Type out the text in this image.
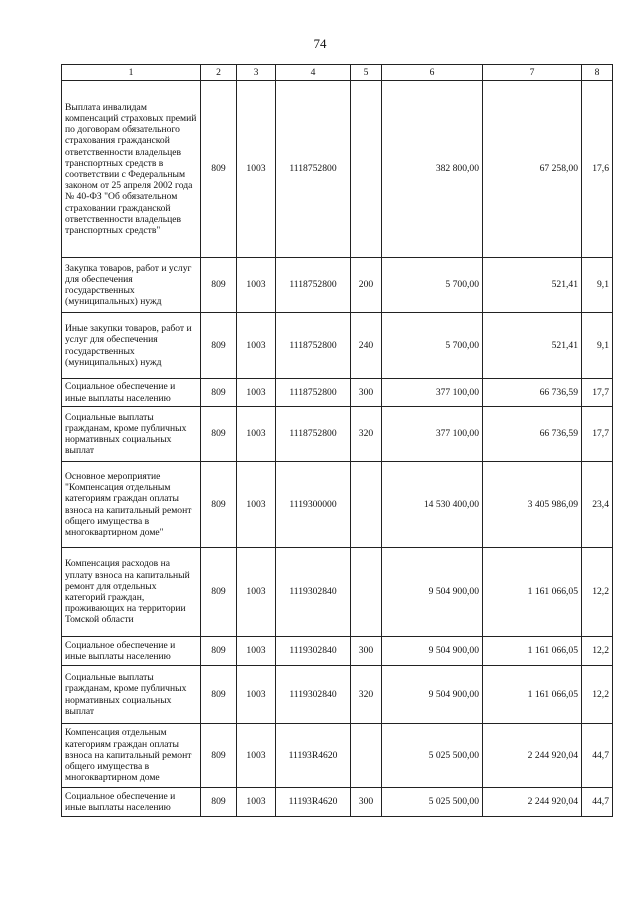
74
1	2	3	4	5	6	7	8
Выплата инвалидам компенсаций страховых премий по договорам обязательного страхования гражданской ответственности владельцев транспортных средств в соответствии с Федеральным законом от 25 апреля 2002 года № 40-ФЗ "Об обязательном страховании гражданской ответственности владельцев транспортных средств"	809	1003	1118752800		382 800,00	67 258,00	17,6
Закупка товаров, работ и услуг для обеспечения государственных (муниципальных) нужд	809	1003	1118752800	200	5 700,00	521,41	9,1
Иные закупки товаров, работ и услуг для обеспечения государственных (муниципальных) нужд	809	1003	1118752800	240	5 700,00	521,41	9,1
Социальное обеспечение и иные выплаты населению	809	1003	1118752800	300	377 100,00	66 736,59	17,7
Социальные выплаты гражданам, кроме публичных нормативных социальных выплат	809	1003	1118752800	320	377 100,00	66 736,59	17,7
Основное мероприятие "Компенсация отдельным категориям граждан оплаты взноса на капитальный ремонт общего имущества в многоквартирном доме"	809	1003	1119300000		14 530 400,00	3 405 986,09	23,4
Компенсация расходов на уплату взноса на капитальный ремонт для отдельных категорий граждан, проживающих на территории Томской области	809	1003	1119302840		9 504 900,00	1 161 066,05	12,2
Социальное обеспечение и иные выплаты населению	809	1003	1119302840	300	9 504 900,00	1 161 066,05	12,2
Социальные выплаты гражданам, кроме публичных нормативных социальных выплат	809	1003	1119302840	320	9 504 900,00	1 161 066,05	12,2
Компенсация отдельным категориям граждан оплаты взноса на капитальный ремонт общего имущества в многоквартирном доме	809	1003	11193R4620		5 025 500,00	2 244 920,04	44,7
Социальное обеспечение и иные выплаты населению	809	1003	11193R4620	300	5 025 500,00	2 244 920,04	44,7
